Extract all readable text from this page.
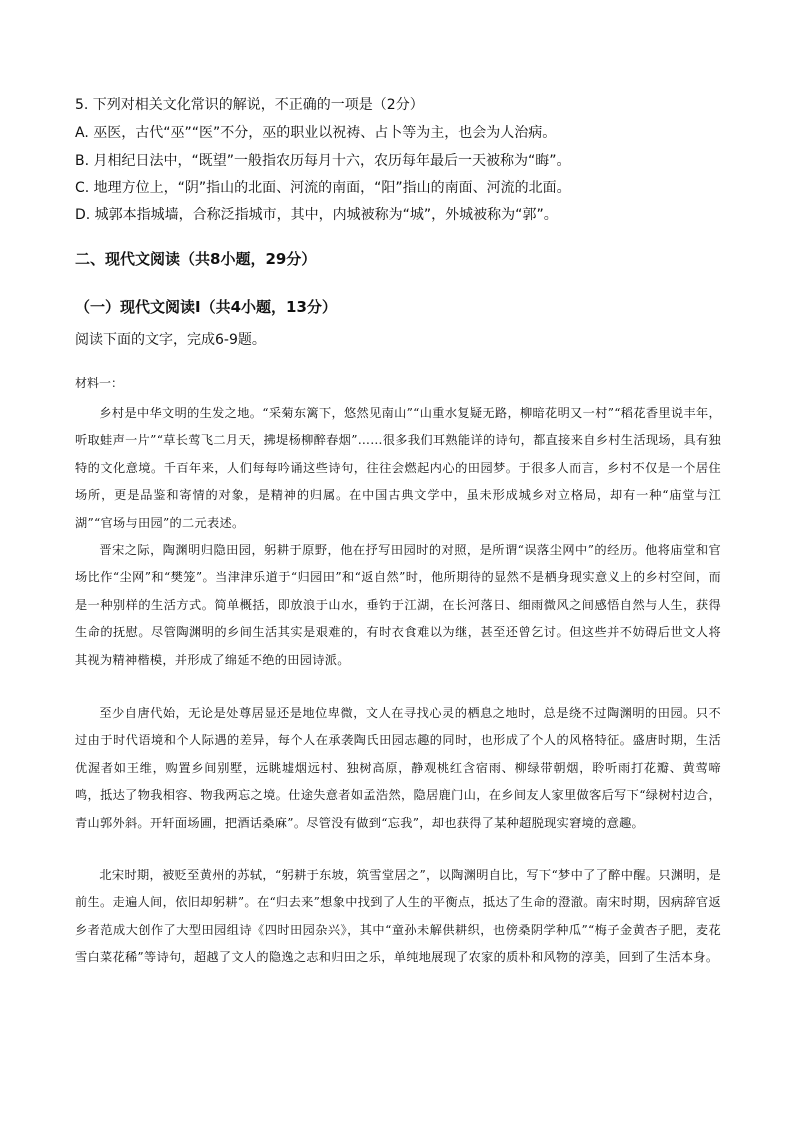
5. 下列对相关文化常识的解说，不正确的一项是（2分）
A. 巫医，古代“巫”“医”不分，巫的职业以祝祷、占卜等为主，也会为人治病。
B. 月相纪日法中，“既望”一般指农历每月十六，农历每年最后一天被称为“晦”。
C. 地理方位上，“阴”指山的北面、河流的南面，“阳”指山的南面、河流的北面。
D. 城郭本指城墙，合称泛指城市，其中，内城被称为“城”，外城被称为“郭”。
二、现代文阅读（共8小题，29分）
（一）现代文阅读Ⅰ（共4小题，13分）
阅读下面的文字，完成6-9题。
材料一：

乡村是中华文明的生发之地。“采菊东篱下，悠然见南山”“山重水复疑无路，柳暗花明又一村”“稻花香里说丰年，听取蛙声一片”“草长莺飞二月天，拂堤杨柳醉春烟”……很多我们耳熟能详的诗句，都直接来自乡村生活现场，具有独特的文化意境。千百年来，人们每每吟诵这些诗句，往往会燃起内心的田园梦。于很多人而言，乡村不仅是一个居住场所，更是品鉴和寄情的对象，是精神的归属。在中国古典文学中，虽未形成城乡对立格局，却有一种“庙堂与江湖”“官场与田园”的二元表述。

晋宋之际，陶渊明归隐田园，躬耕于原野，他在抒写田园时的对照，是所谓“误落尘网中”的经历。他将庙堂和官场比作“尘网”和“樊笼”。当津津乐道于“归园田”和“返自然”时，他所期待的显然不是栖身现实意义上的乡村空间，而是一种别样的生活方式。简单概括，即放浪于山水，垂钓于江湖，在长河落日、细雨微风之间感悟自然与人生，获得生命的抚慰。尽管陶渊明的乡间生活其实是艰难的，有时衣食难以为继，甚至还曾乞讨。但这些并不妨碍后世文人将其视为精神楷模，并形成了绵延不绝的田园诗派。

至少自唐代始，无论是处尊居显还是地位卑微，文人在寻找心灵的栖息之地时，总是绕不过陶渊明的田园。只不过由于时代语境和个人际遇的差异，每个人在承袭陶氏田园志趣的同时，也形成了个人的风格特征。盛唐时期，生活优渥者如王维，购置乡间别墅，远眺墟烟远村、独树高原，静观桃红含宿雨、柳绿带朝烟，聆听雨打花瓣、黄莺啼鸣，抵达了物我相容、物我两忘之境。仕途失意者如孟浩然，隐居鹿门山，在乡间友人家里做客后写下“绿树村边合，青山郭外斜。开轩面场圃，把酒话桑麻”。尽管没有做到“忘我”，却也获得了某种超脱现实窘境的意趣。

北宋时期，被贬至黄州的苏轼，“躬耕于东坡，筑雪堂居之”，以陶渊明自比，写下“梦中了了醉中醒。只渊明，是前生。走遍人间，依旧却躬耕”。在“归去来”想象中找到了人生的平衡点，抵达了生命的澄澈。南宋时期，因病辞官返乡者范成大创作了大型田园组诗《四时田园杂兴》，其中“童孙未解供耕织，也傍桑阴学种瓜”“梅子金黄杏子肥，麦花雪白菜花稀”等诗句，超越了文人的隐逸之志和归田之乐，单纯地展现了农家的质朴和风物的淳美，回到了生活本身。
